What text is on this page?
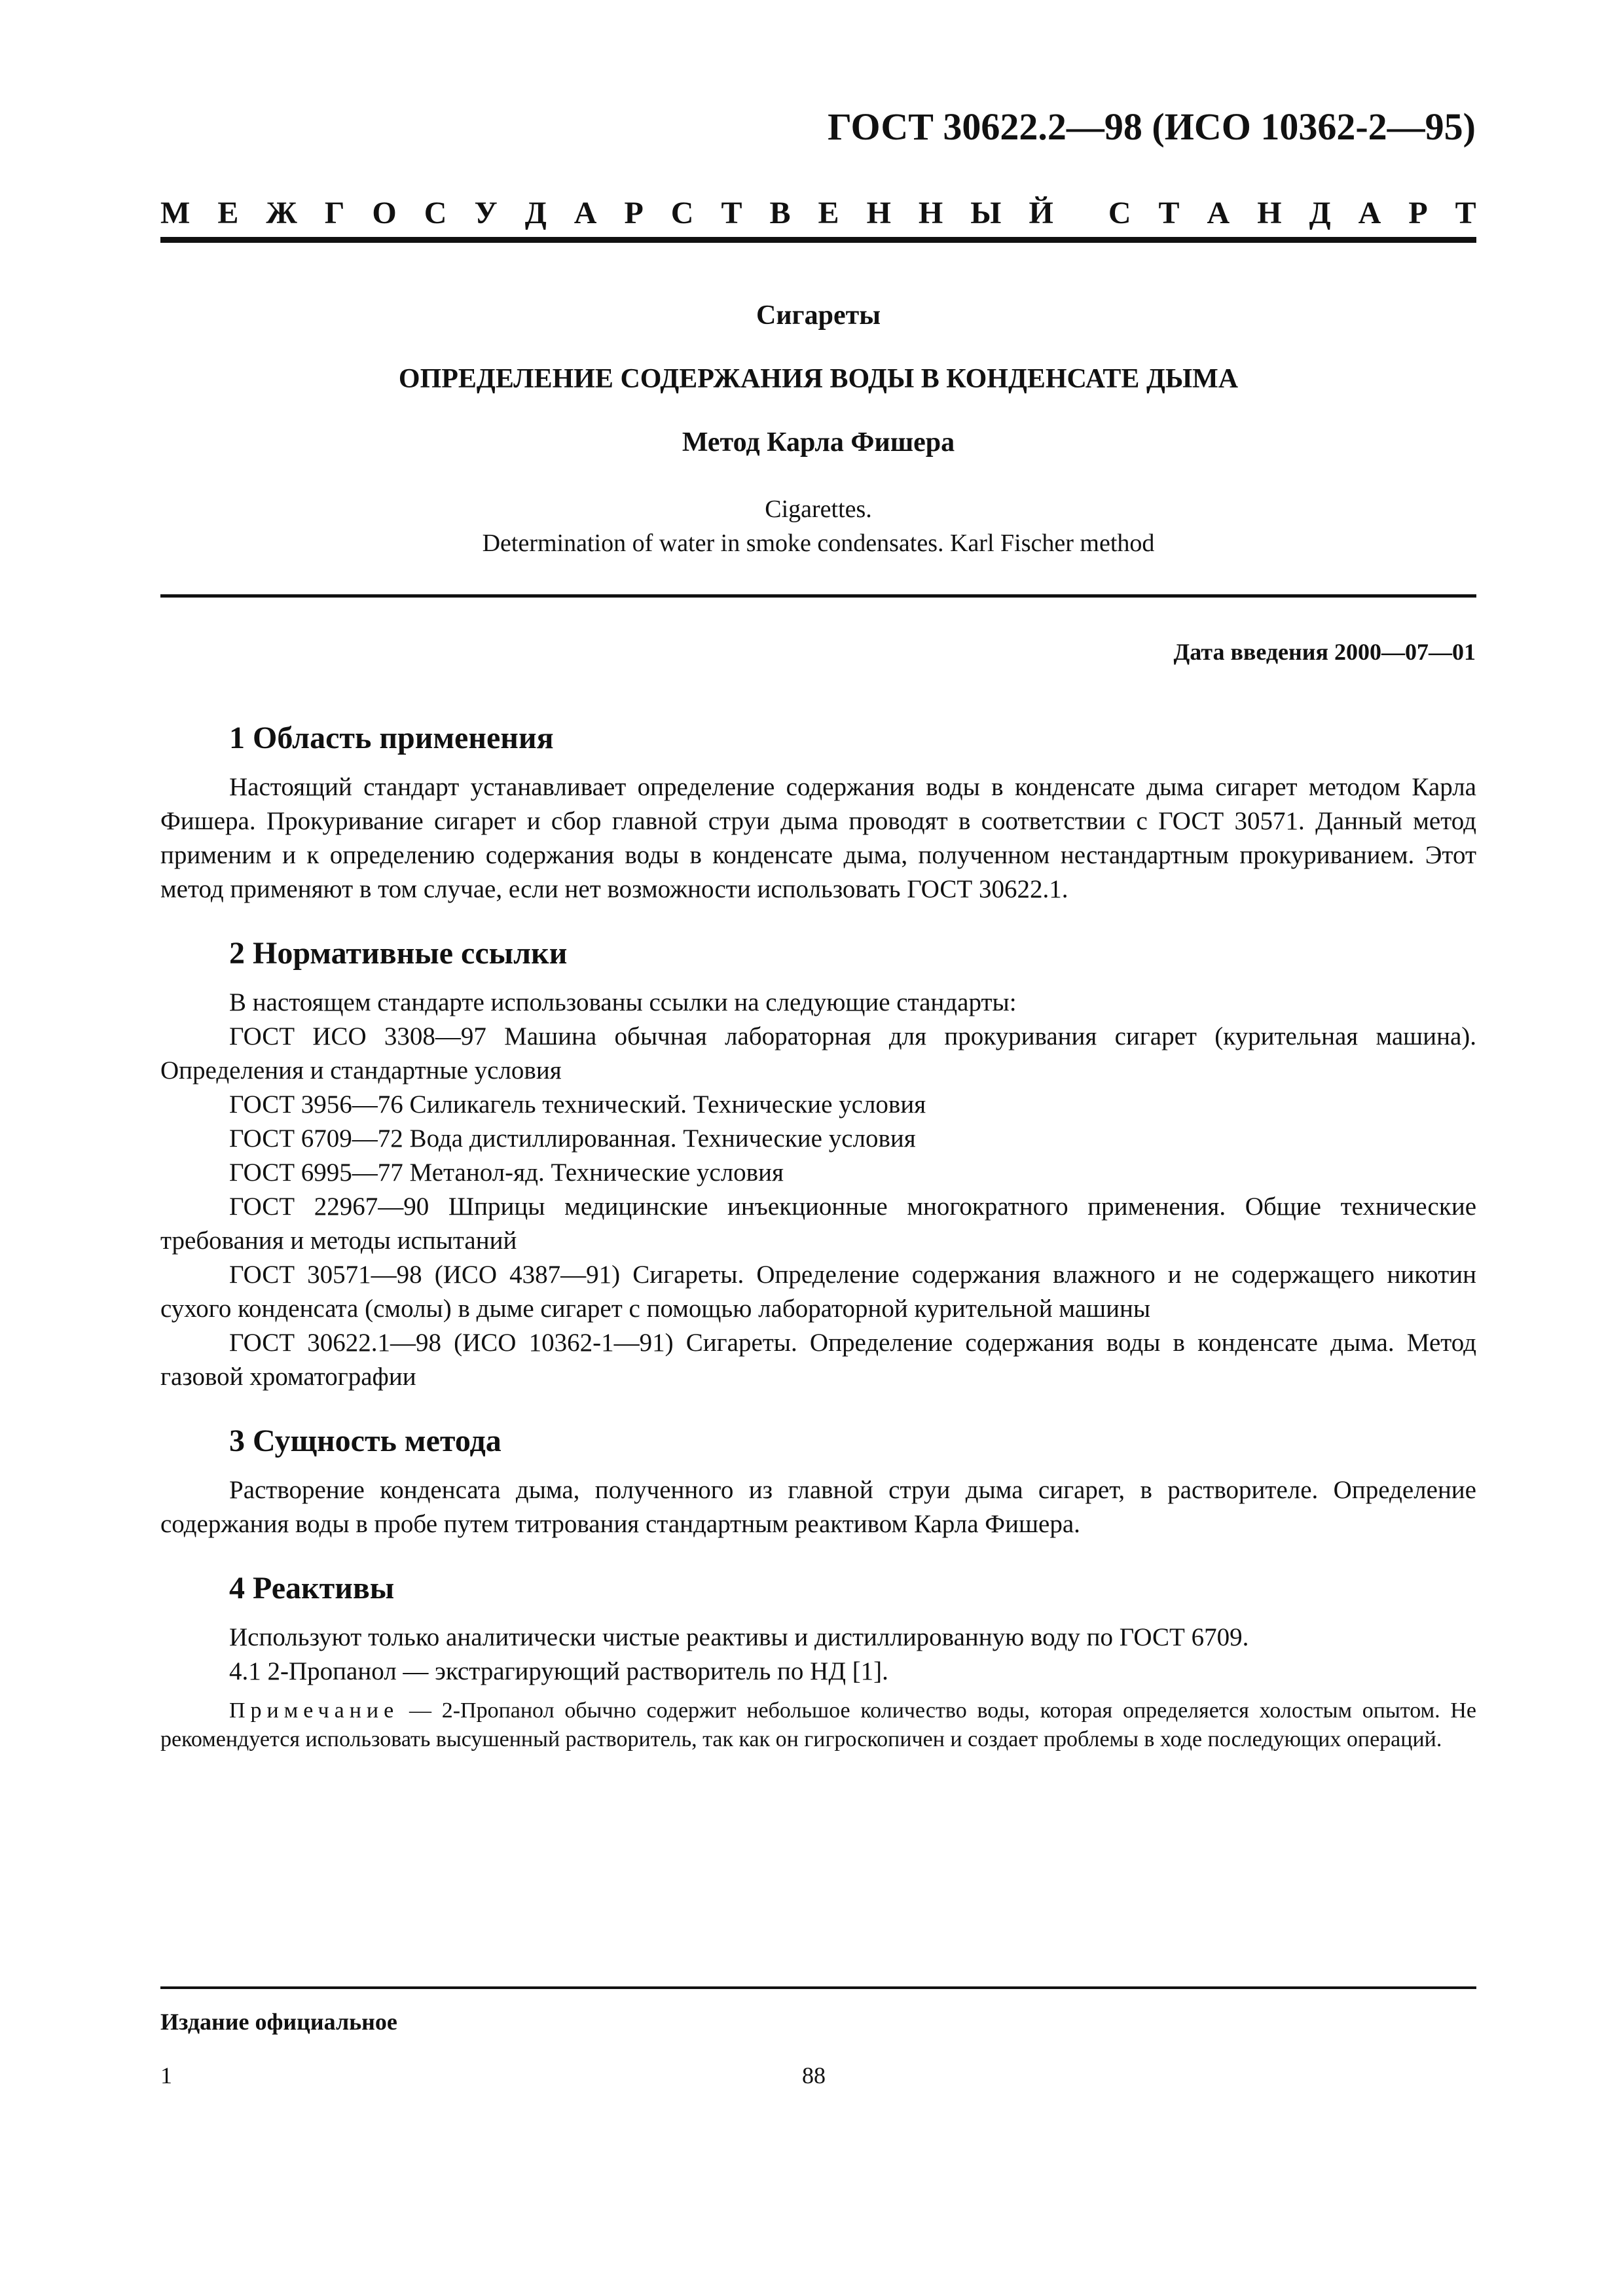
ГОСТ 30622.2—98 (ИСО 10362-2—95)
М Е Ж Г О С У Д А Р С Т В Е Н Н Ы Й С Т А Н Д А Р Т
Сигареты
ОПРЕДЕЛЕНИЕ СОДЕРЖАНИЯ ВОДЫ В КОНДЕНСАТЕ ДЫМА
Метод Карла Фишера
Cigarettes.
Determination of water in smoke condensates. Karl Fischer method
Дата введения 2000—07—01
1 Область применения

Настоящий стандарт устанавливает определение содержания воды в конденсате дыма сигарет методом Карла Фишера. Прокуривание сигарет и сбор главной струи дыма проводят в соответствии с ГОСТ 30571. Данный метод применим и к определению содержания воды в конденсате дыма, полученном нестандартным прокуриванием. Этот метод применяют в том случае, если нет возможности использовать ГОСТ 30622.1.

2 Нормативные ссылки

В настоящем стандарте использованы ссылки на следующие стандарты:

ГОСТ ИСО 3308—97 Машина обычная лабораторная для прокуривания сигарет (курительная машина). Определения и стандартные условия

ГОСТ 3956—76 Силикагель технический. Технические условия

ГОСТ 6709—72 Вода дистиллированная. Технические условия

ГОСТ 6995—77 Метанол-яд. Технические условия

ГОСТ 22967—90 Шприцы медицинские инъекционные многократного применения. Общие технические требования и методы испытаний

ГОСТ 30571—98 (ИСО 4387—91) Сигареты. Определение содержания влажного и не содержащего никотин сухого конденсата (смолы) в дыме сигарет с помощью лабораторной курительной машины

ГОСТ 30622.1—98 (ИСО 10362-1—91) Сигареты. Определение содержания воды в конденсате дыма. Метод газовой хроматографии

3 Сущность метода

Растворение конденсата дыма, полученного из главной струи дыма сигарет, в растворителе. Определение содержания воды в пробе путем титрования стандартным реактивом Карла Фишера.

4 Реактивы

Используют только аналитически чистые реактивы и дистиллированную воду по ГОСТ 6709.

4.1 2-Пропанол — экстрагирующий растворитель по НД [1].

Примечание — 2-Пропанол обычно содержит небольшое количество воды, которая определяется холостым опытом. Не рекомендуется использовать высушенный растворитель, так как он гигроскопичен и создает проблемы в ходе последующих операций.

Издание официальное
1	88
